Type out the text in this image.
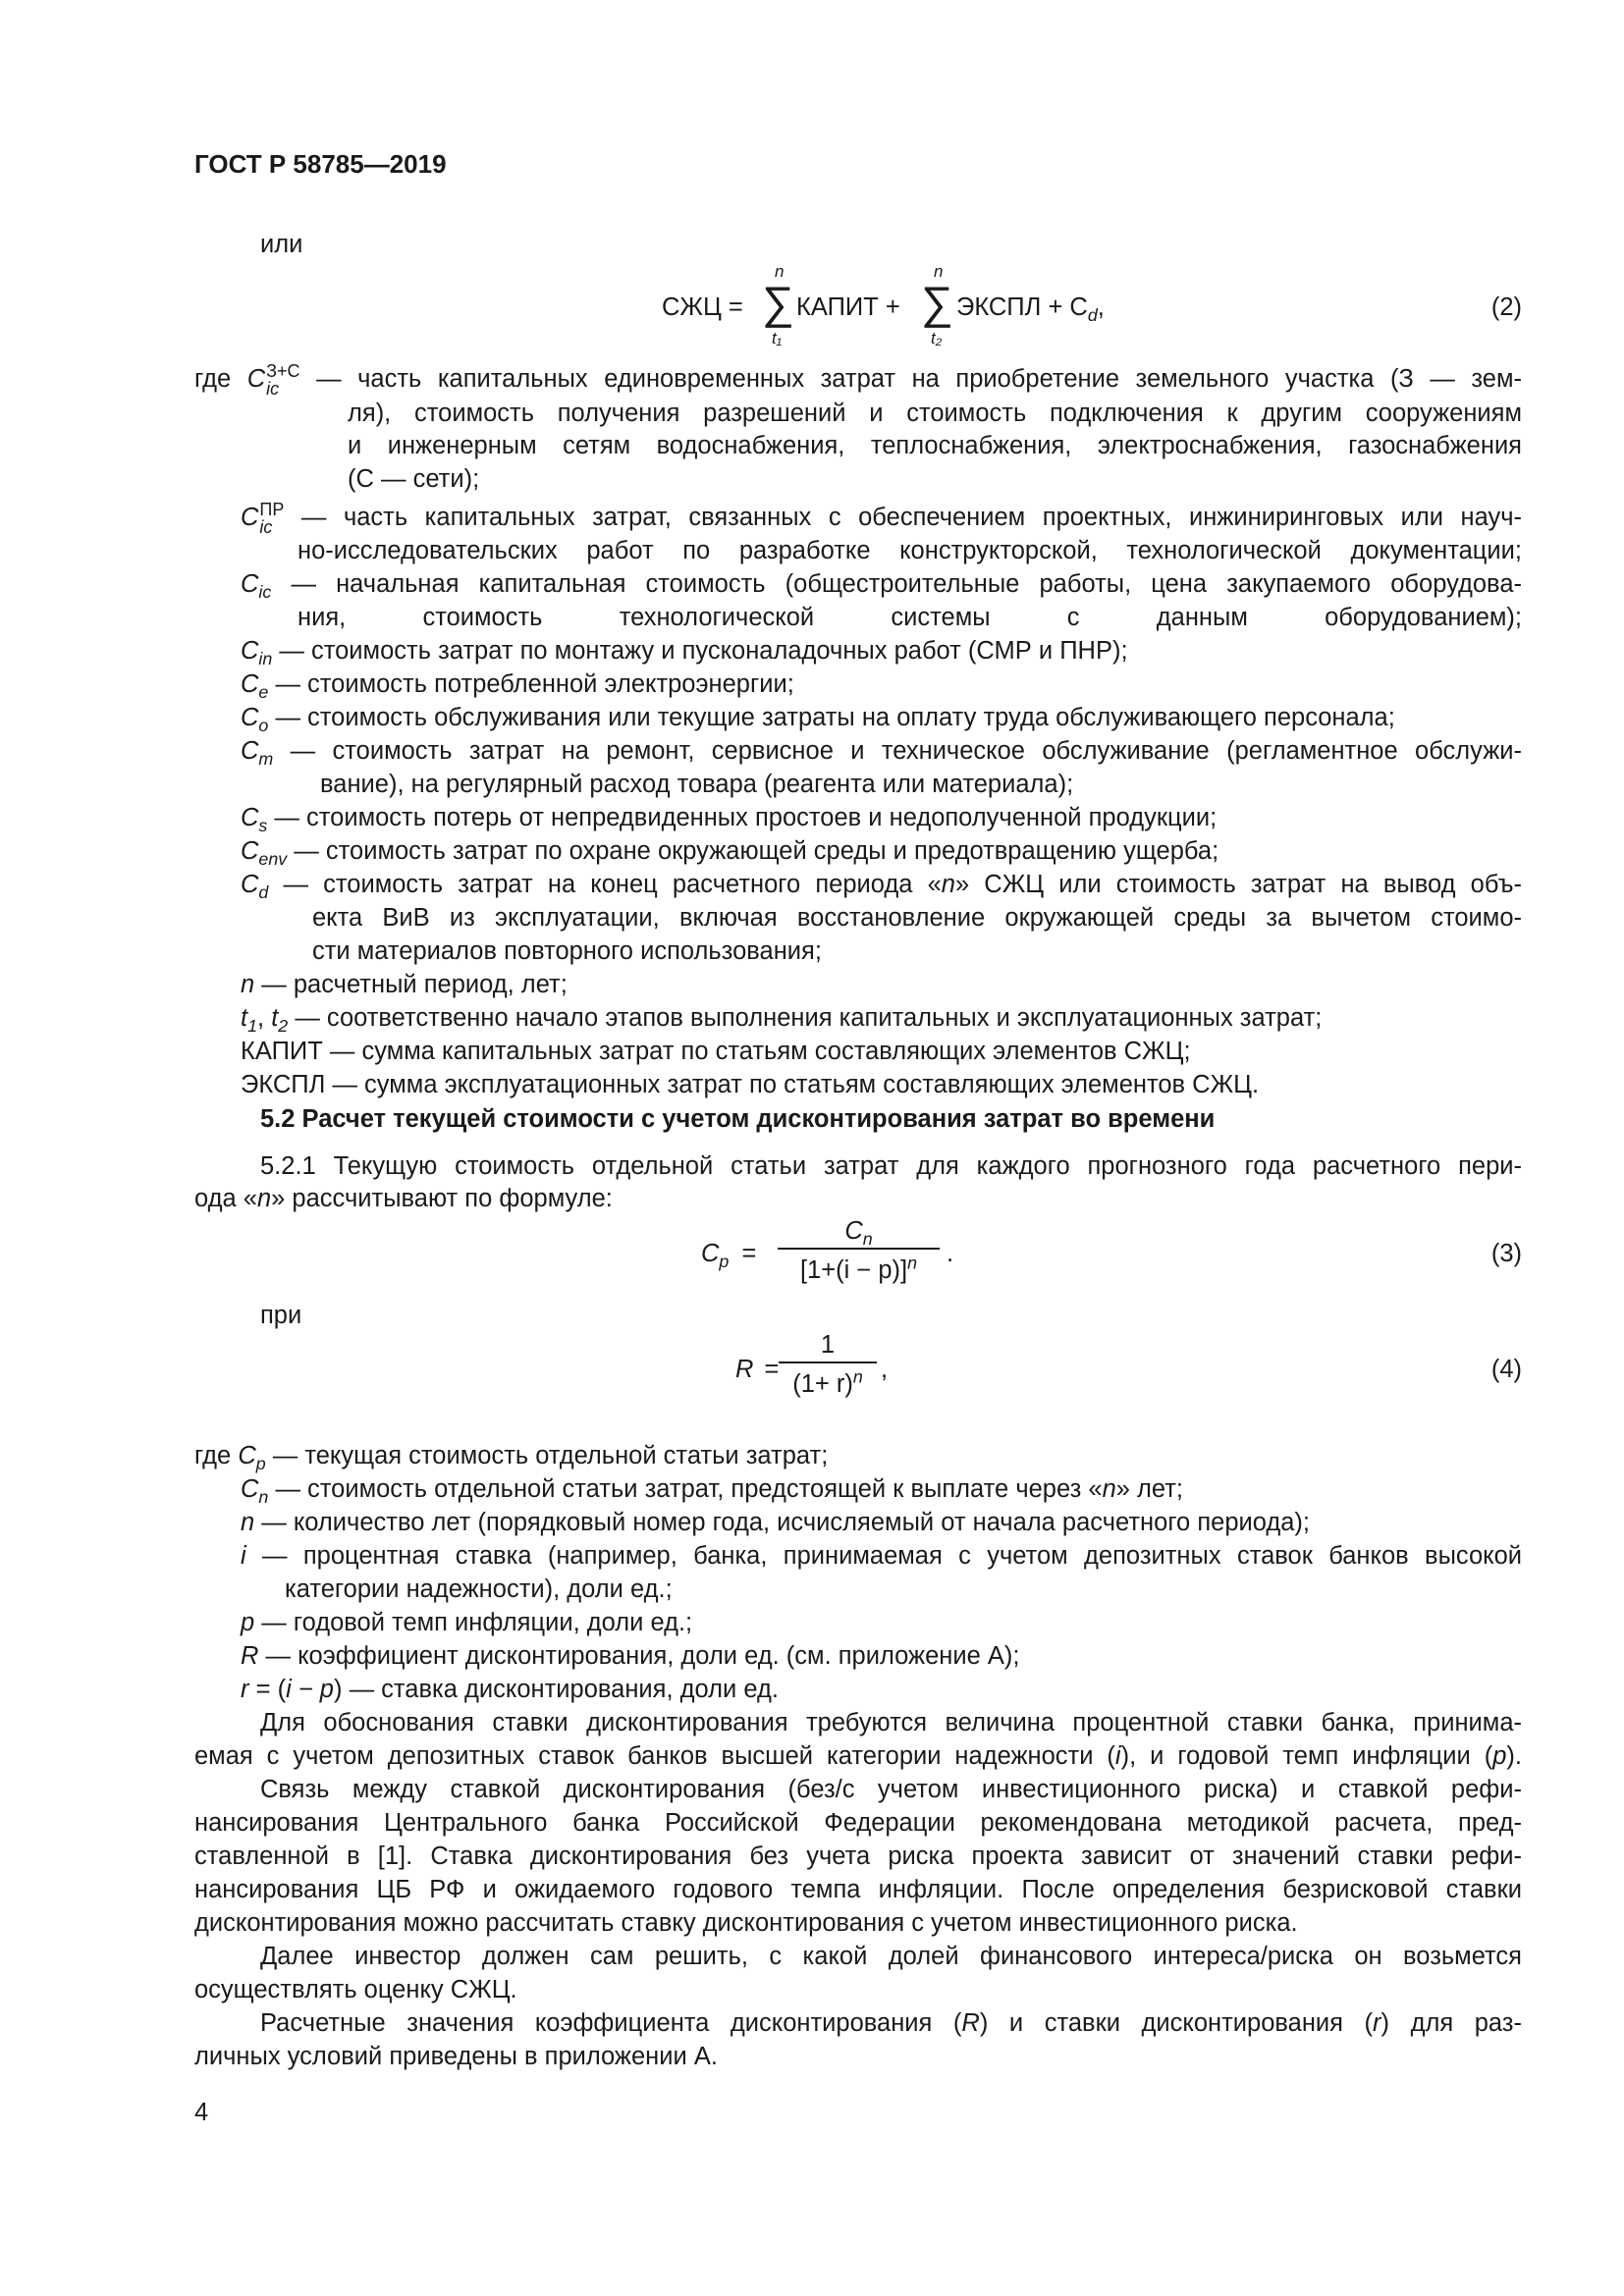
ГОСТ Р 58785—2019
или
СЖЦ =
n
∑
t₁
КАПИТ +
n
∑
t₂
ЭКСПЛ + $C_d$,	(2)
где C З+С
ic — часть капитальных единовременных затрат на приобретение земельного участка (З — зем-
ля), стоимость получения разрешений и стоимость подключения к другим сооружениям
и инженерным сетям водоснабжения, теплоснабжения, электроснабжения, газоснабжения
(С — сети);
C ПР
ic — часть капитальных затрат, связанных с обеспечением проектных, инжиниринговых или науч-
но-исследовательских работ по разработке конструкторской, технологической документации;
$C_{ic}$ — начальная капитальная стоимость (общестроительные работы, цена закупаемого оборудова-
ния, стоимость технологической системы с данным оборудованием);
$C_{in}$ — стоимость затрат по монтажу и пусконаладочных работ (СМР и ПНР);
$C_e$ — стоимость потребленной электроэнергии;
$C_o$ — стоимость обслуживания или текущие затраты на оплату труда обслуживающего персонала;
$C_m$ — стоимость затрат на ремонт, сервисное и техническое обслуживание (регламентное обслужи-
вание), на регулярный расход товара (реагента или материала);
$C_s$ — стоимость потерь от непредвиденных простоев и недополученной продукции;
$C_{env}$ — стоимость затрат по охране окружающей среды и предотвращению ущерба;
$C_d$ — стоимость затрат на конец расчетного периода «n» СЖЦ или стоимость затрат на вывод объ-
екта ВиВ из эксплуатации, включая восстановление окружающей среды за вычетом стоимо-
сти материалов повторного использования;
n — расчетный период, лет;
$t_1$, $t_2$ — соответственно начало этапов выполнения капитальных и эксплуатационных затрат;
КАПИТ — сумма капитальных затрат по статьям составляющих элементов СЖЦ;
ЭКСПЛ — сумма эксплуатационных затрат по статьям составляющих элементов СЖЦ.
5.2 Расчет текущей стоимости с учетом дисконтирования затрат во времени
5.2.1 Текущую стоимость отдельной статьи затрат для каждого прогнозного года расчетного пери-
ода «n» рассчитывают по формуле:
$C_p = \frac{C_n}{[1+(i - p)]^n}$ .	(3)
при
$R = \frac{1}{(1+ r)^n}$ ,	(4)
где $C_p$ — текущая стоимость отдельной статьи затрат;
$C_n$ — стоимость отдельной статьи затрат, предстоящей к выплате через «n» лет;
n — количество лет (порядковый номер года, исчисляемый от начала расчетного периода);
i — процентная ставка (например, банка, принимаемая с учетом депозитных ставок банков высокой
категории надежности), доли ед.;
p — годовой темп инфляции, доли ед.;
R — коэффициент дисконтирования, доли ед. (см. приложение А);
r = (i − p) — ставка дисконтирования, доли ед.
Для обоснования ставки дисконтирования требуются величина процентной ставки банка, принима-
емая с учетом депозитных ставок банков высшей категории надежности (i), и годовой темп инфляции (p).
Связь между ставкой дисконтирования (без/с учетом инвестиционного риска) и ставкой рефи-
нансирования Центрального банка Российской Федерации рекомендована методикой расчета, пред-
ставленной в [1]. Ставка дисконтирования без учета риска проекта зависит от значений ставки рефи-
нансирования ЦБ РФ и ожидаемого годового темпа инфляции. После определения безрисковой ставки
дисконтирования можно рассчитать ставку дисконтирования с учетом инвестиционного риска.
Далее инвестор должен сам решить, с какой долей финансового интереса/риска он возьмется
осуществлять оценку СЖЦ.
Расчетные значения коэффициента дисконтирования (R) и ставки дисконтирования (r) для раз-
личных условий приведены в приложении А.
4
